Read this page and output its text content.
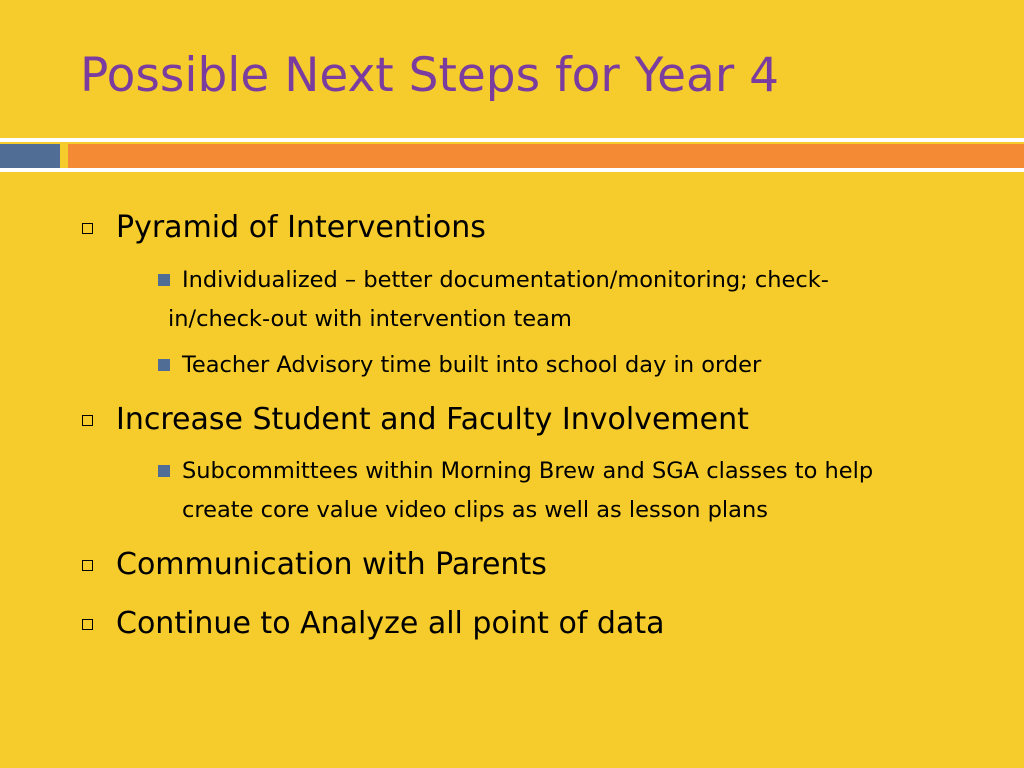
Possible Next Steps for Year 4
Pyramid of Interventions
Individualized – better documentation/monitoring; check-
in/check-out with intervention team
Teacher Advisory time built into school day in order
Increase Student and Faculty Involvement
Subcommittees within Morning Brew and SGA classes to help
create core value video clips as well as lesson plans
Communication with Parents
Continue to Analyze all point of data
